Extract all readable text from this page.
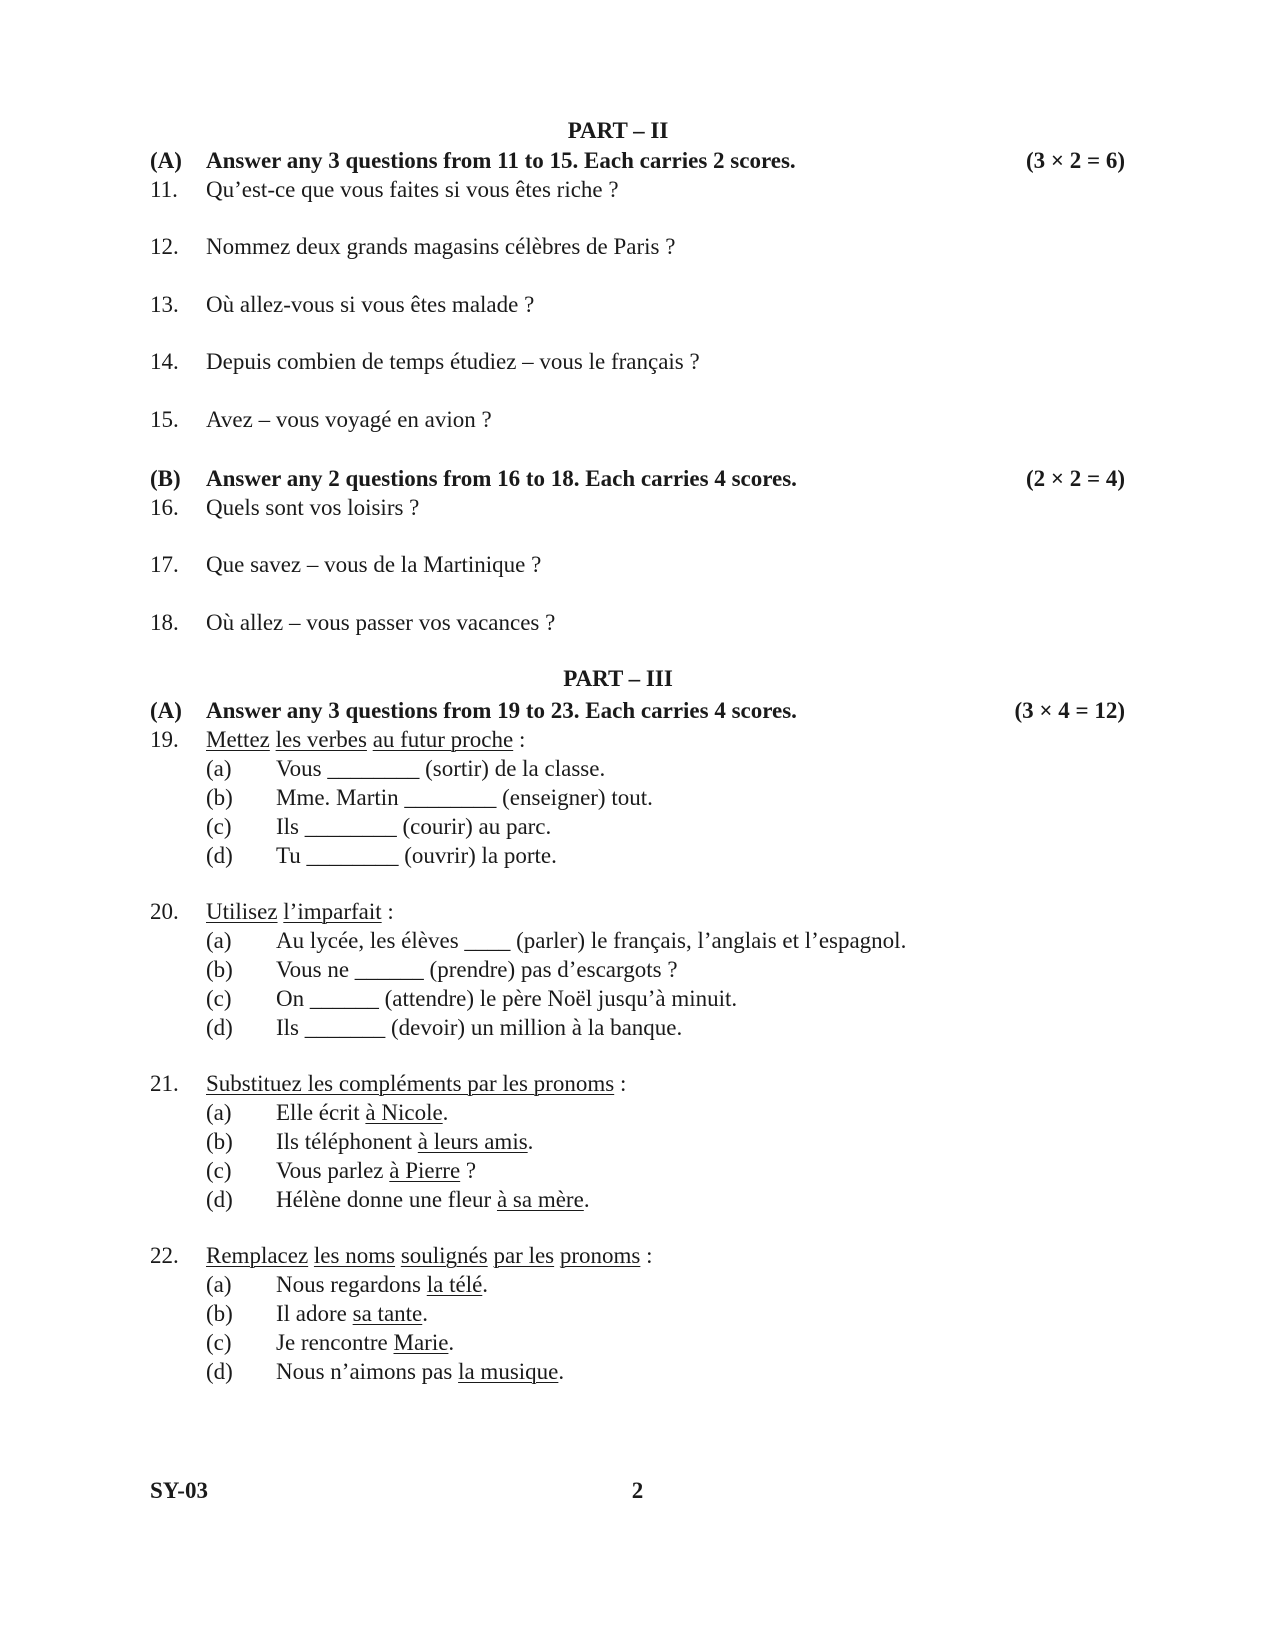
PART – II
(A) Answer any 3 questions from 11 to 15. Each carries 2 scores.	(3 × 2 = 6)
11. Qu’est-ce que vous faites si vous êtes riche ?
12. Nommez deux grands magasins célèbres de Paris ?
13. Où allez-vous si vous êtes malade ?
14. Depuis combien de temps étudiez – vous le français ?
15. Avez – vous voyagé en avion ?
(B) Answer any 2 questions from 16 to 18. Each carries 4 scores.	(2 × 2 = 4)
16. Quels sont vos loisirs ?
17. Que savez – vous de la Martinique ?
18. Où allez – vous passer vos vacances ?
PART – III
(A) Answer any 3 questions from 19 to 23. Each carries 4 scores.	(3 × 4 = 12)
19. Mettez les verbes au futur proche :
(a) Vous ________ (sortir) de la classe.
(b) Mme. Martin ________ (enseigner) tout.
(c) Ils ________ (courir) au parc.
(d) Tu ________ (ouvrir) la porte.
20. Utilisez l’imparfait :
(a) Au lycée, les élèves ____ (parler) le français, l’anglais et l’espagnol.
(b) Vous ne ______ (prendre) pas d’escargots ?
(c) On ______ (attendre) le père Noël jusqu’à minuit.
(d) Ils _______ (devoir) un million à la banque.
21. Substituez les compléments par les pronoms :
(a) Elle écrit à Nicole.
(b) Ils téléphonent à leurs amis.
(c) Vous parlez à Pierre ?
(d) Hélène donne une fleur à sa mère.
22. Remplacez les noms soulignés par les pronoms :
(a) Nous regardons la télé.
(b) Il adore sa tante.
(c) Je rencontre Marie.
(d) Nous n’aimons pas la musique.
SY-03	2
